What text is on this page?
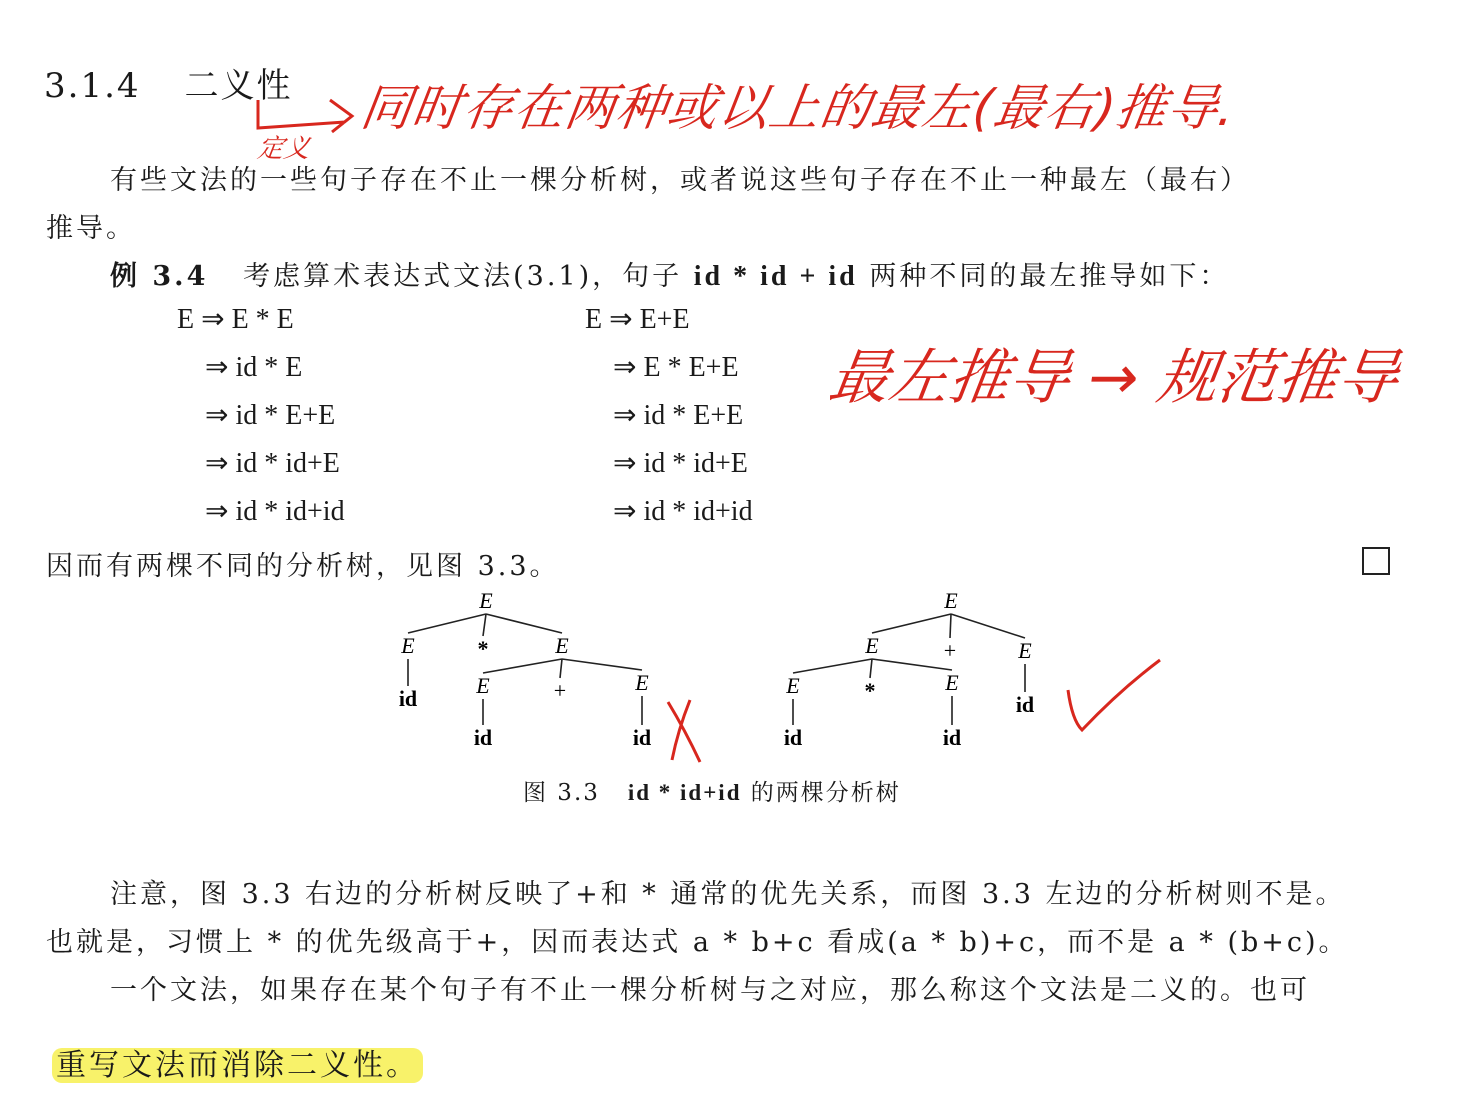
3.1.4 二义性
定义
同时存在两种或以上的最左(最右)推导.
最左推导 → 规范推导
有些文法的一些句子存在不止一棵分析树，或者说这些句子存在不止一种最左（最右）
推导。
例 3.4 考虑算术表达式文法(3.1)，句子 id * id + id 两种不同的最左推导如下：
E ⇒ E * E
⇒ id * E
⇒ id * E+E
⇒ id * id+E
⇒ id * id+id
E ⇒ E+E
⇒ E * E+E
⇒ id * E+E
⇒ id * id+E
⇒ id * id+id
因而有两棵不同的分析树，见图 3.3。
E
E	*	E
id
E	+	E
id	id
E
E	+	E
E	*	E
id
id	id
图 3.3 id * id+id 的两棵分析树
注意，图 3.3 右边的分析树反映了+和 * 通常的优先关系，而图 3.3 左边的分析树则不是。
也就是，习惯上 * 的优先级高于+，因而表达式 a * b+c 看成(a * b)+c，而不是 a * (b+c)。
一个文法，如果存在某个句子有不止一棵分析树与之对应，那么称这个文法是二义的。也可
重写文法而消除二义性。
